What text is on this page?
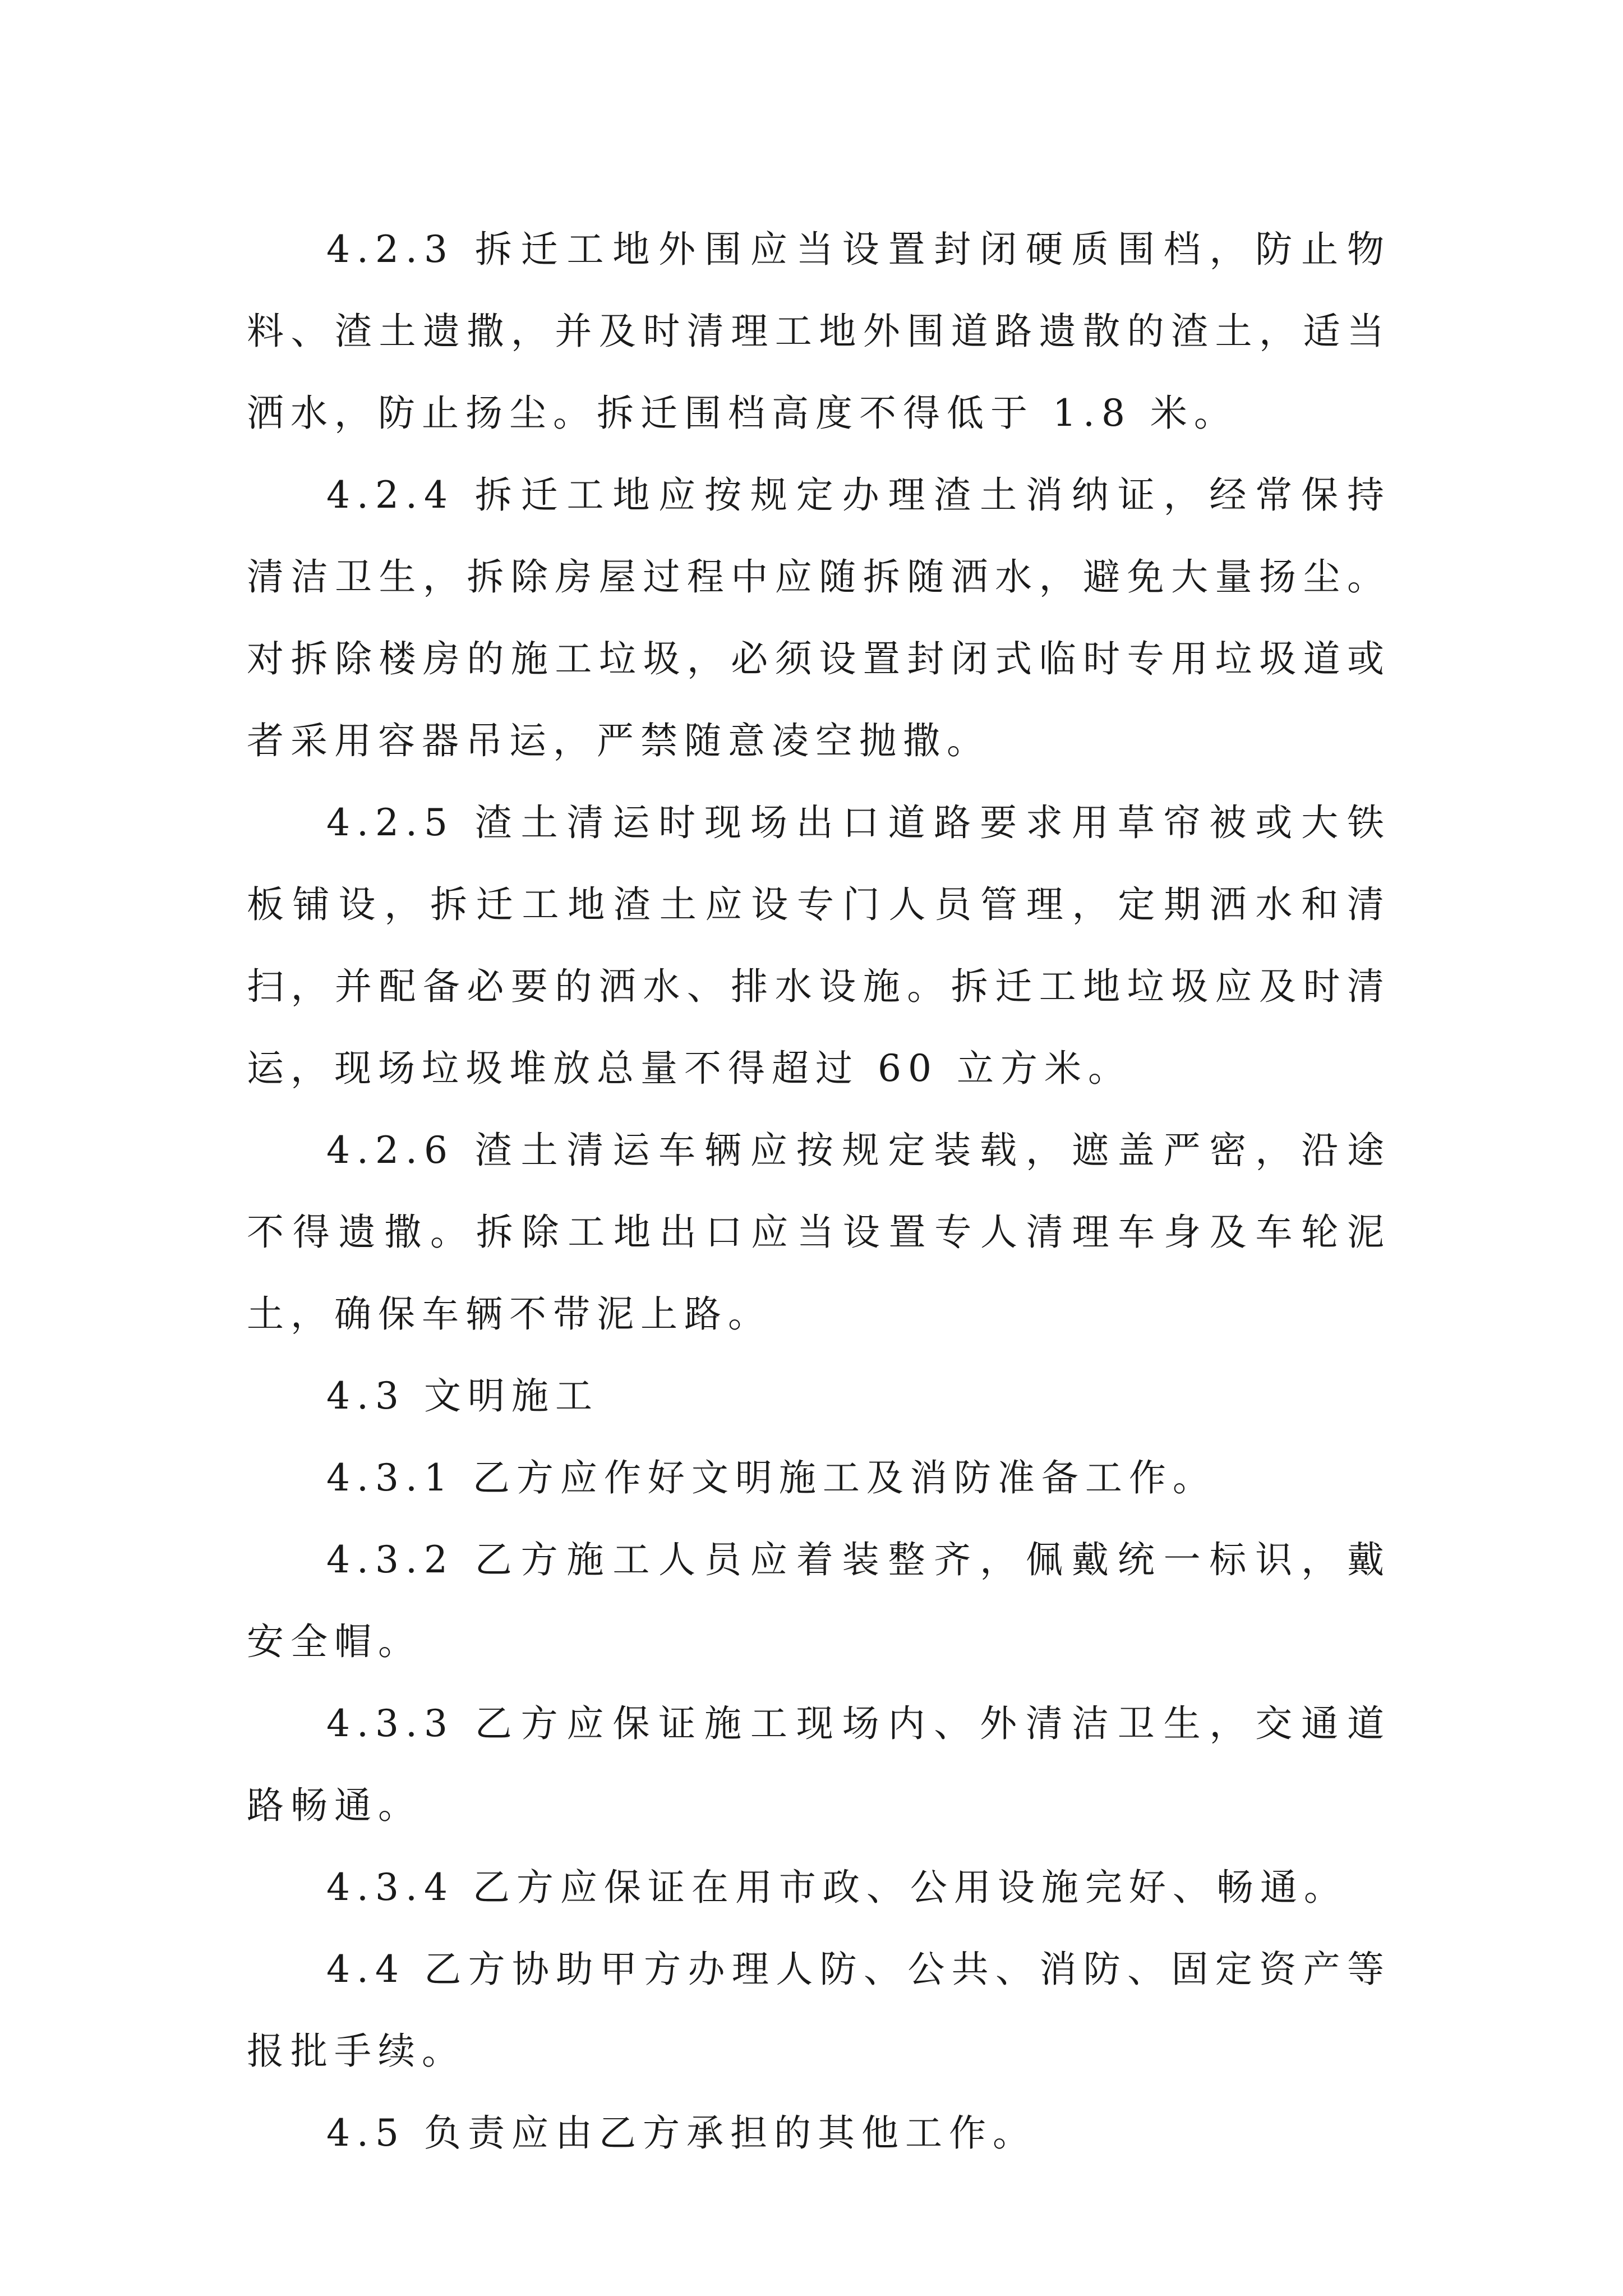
4.2.3 拆迁工地外围应当设置封闭硬质围档，防止物料、渣土遗撒，并及时清理工地外围道路遗散的渣土，适当洒水，防止扬尘。拆迁围档高度不得低于 1.8 米。

4.2.4 拆迁工地应按规定办理渣土消纳证，经常保持清洁卫生，拆除房屋过程中应随拆随洒水，避免大量扬尘。对拆除楼房的施工垃圾，必须设置封闭式临时专用垃圾道或者采用容器吊运，严禁随意凌空抛撒。

4.2.5 渣土清运时现场出口道路要求用草帘被或大铁板铺设，拆迁工地渣土应设专门人员管理，定期洒水和清扫，并配备必要的洒水、排水设施。拆迁工地垃圾应及时清运，现场垃圾堆放总量不得超过 60 立方米。

4.2.6 渣土清运车辆应按规定装载，遮盖严密，沿途不得遗撒。拆除工地出口应当设置专人清理车身及车轮泥土，确保车辆不带泥上路。

4.3 文明施工

4.3.1 乙方应作好文明施工及消防准备工作。

4.3.2 乙方施工人员应着装整齐，佩戴统一标识，戴安全帽。

4.3.3 乙方应保证施工现场内、外清洁卫生，交通道路畅通。

4.3.4 乙方应保证在用市政、公用设施完好、畅通。

4.4 乙方协助甲方办理人防、公共、消防、固定资产等报批手续。

4.5 负责应由乙方承担的其他工作。
